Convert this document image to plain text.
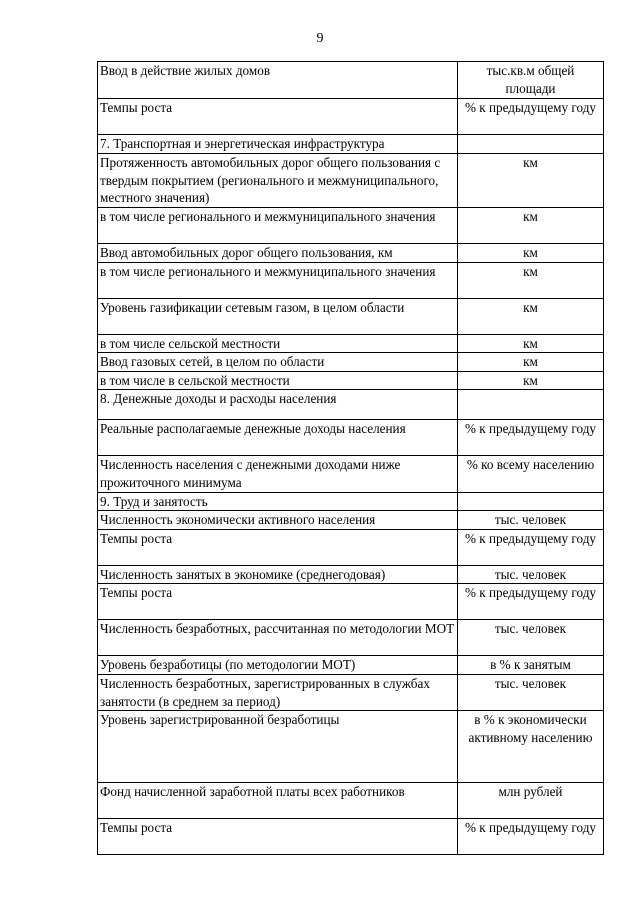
9
Ввод в действие жилых домов	тыс.кв.м общей площади
Темпы роста	% к предыдущему году
7. Транспортная и энергетическая инфраструктура	
Протяженность автомобильных дорог общего пользования с твердым покрытием (регионального и межмуниципального, местного значения)	км
в том числе регионального и межмуниципального значения	км
Ввод автомобильных дорог общего пользования, км	км
в том числе регионального и межмуниципального значения	км
Уровень газификации сетевым газом, в целом области	км
в том числе сельской местности	км
Ввод газовых сетей, в целом по области	км
в том числе в сельской местности	км
8. Денежные доходы и расходы населения	
Реальные располагаемые денежные доходы населения	% к предыдущему году
Численность населения с денежными доходами ниже прожиточного минимума	% ко всему населению
9. Труд и занятость	
Численность экономически активного населения	тыс. человек
Темпы роста	% к предыдущему году
Численность занятых в экономике (среднегодовая)	тыс. человек
Темпы роста	% к предыдущему году
Численность безработных, рассчитанная по методологии МОТ	тыс. человек
Уровень безработицы (по методологии МОТ)	в % к занятым
Численность безработных, зарегистрированных в службах занятости (в среднем за период)	тыс. человек
Уровень зарегистрированной безработицы	в % к экономически активному населению
Фонд начисленной заработной платы всех работников	млн рублей
Темпы роста	% к предыдущему году
